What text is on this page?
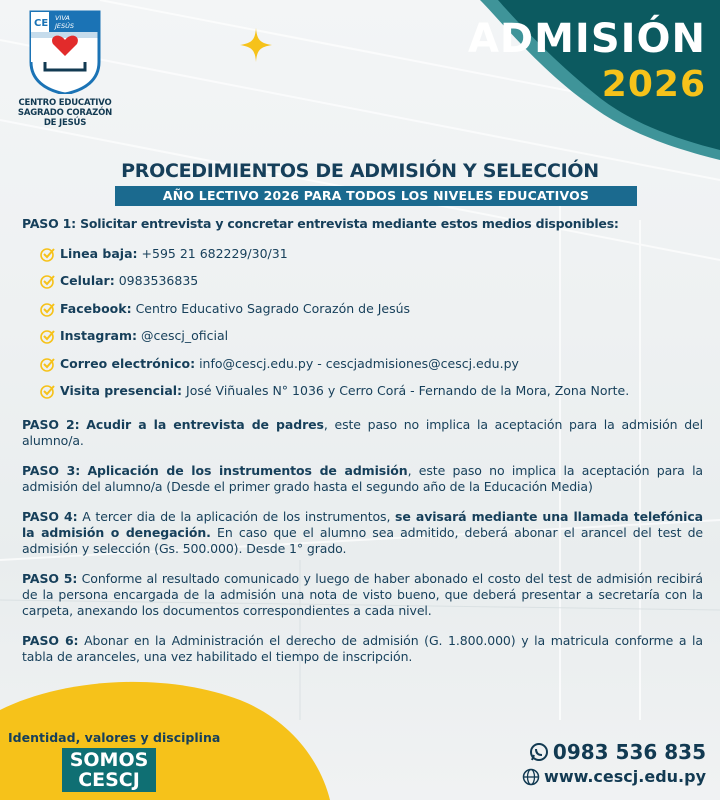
CE VIVA
JESÚS
CENTRO EDUCATIVO
SAGRADO CORAZÓN
DE JESÚS
ADMISIÓN
2026
PROCEDIMIENTOS DE ADMISIÓN Y SELECCIÓN
AÑO LECTIVO 2026 PARA TODOS LOS NIVELES EDUCATIVOS
PASO 1: Solicitar entrevista y concretar entrevista mediante estos medios disponibles:
Linea baja: +595 21 682229/30/31
Celular: 0983536835
Facebook: Centro Educativo Sagrado Corazón de Jesús
Instagram: @cescj_oficial
Correo electrónico: info@cescj.edu.py - cescjadmisiones@cescj.edu.py
Visita presencial: José Viñuales N° 1036 y Cerro Corá - Fernando de la Mora, Zona Norte.
PASO 2: Acudir a la entrevista de padres, este paso no implica la aceptación para la admisión del alumno/a.
PASO 3: Aplicación de los instrumentos de admisión, este paso no implica la aceptación para la admisión del alumno/a (Desde el primer grado hasta el segundo año de la Educación Media)
PASO 4: A tercer dia de la aplicación de los instrumentos, se avisará mediante una llamada telefónica la admisión o denegación. En caso que el alumno sea admitido, deberá abonar el arancel del test de admisión y selección (Gs. 500.000). Desde 1° grado.
PASO 5: Conforme al resultado comunicado y luego de haber abonado el costo del test de admisión recibirá de la persona encargada de la admisión una nota de visto bueno, que deberá presentar a secretaría con la carpeta, anexando los documentos correspondientes a cada nivel.
PASO 6: Abonar en la Administración el derecho de admisión (G. 1.800.000) y la matricula conforme a la tabla de aranceles, una vez habilitado el tiempo de inscripción.
Identidad, valores y disciplina
SOMOS
CESCJ
0983 536 835
www.cescj.edu.py
